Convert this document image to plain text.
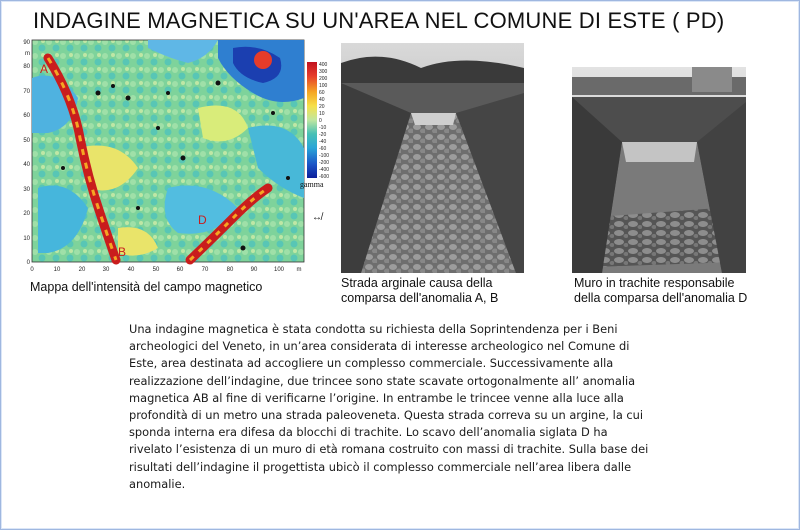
INDAGINE MAGNETICA SU UN'AREA NEL COMUNE DI ESTE ( PD)
A
B
D
90
80
70
60
50
40
30
20
10
0
m
0	10	20	30	40	50	60	70	80	90	100 m
400
300
200
100
60
40
20
10
0
-10
-20
-40
-60
-100
-200
-400
-600
gamma
↮
Mappa dell'intensità del campo magnetico	Strada arginale causa della
comparsa dell'anomalia A, B
Muro in trachite responsabile
della comparsa dell'anomalia D
Una indagine magnetica è stata condotta su richiesta della Soprintendenza per i Beni
archeologici del Veneto, in un’area considerata di interesse archeologico nel Comune di
Este, area destinata ad accogliere un complesso commerciale. Successivamente alla
realizzazione dell’indagine, due trincee sono state scavate ortogonalmente all’ anomalia
magnetica AB al fine di verificarne l’origine. In entrambe le trincee venne alla luce alla
profondità di un metro una strada paleoveneta. Questa strada correva su un argine, la cui
sponda interna era difesa da blocchi di trachite. Lo scavo dell’anomalia siglata D ha
rivelato l’esistenza di un muro di età romana costruito con massi di trachite. Sulla base dei
risultati dell’indagine il progettista ubicò il complesso commerciale nell’area libera dalle
anomalie.
